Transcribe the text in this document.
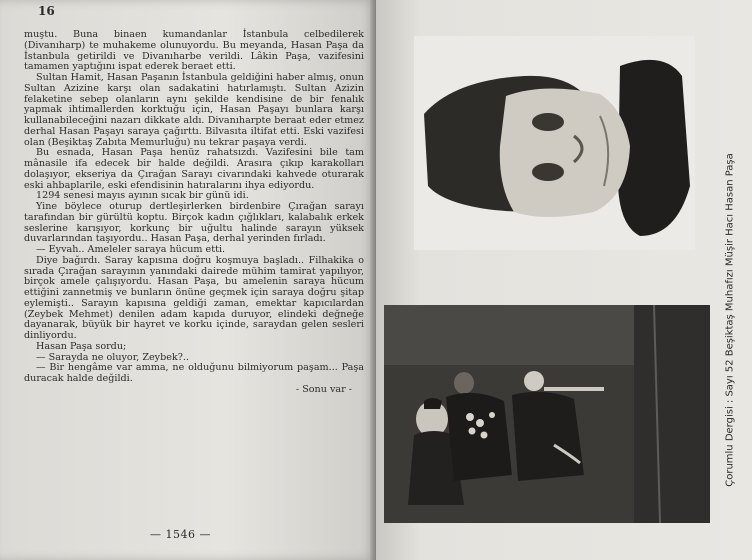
16

muştu. Buna binaen kumandanlar İstanbula celbedilerek (Divanıharp) te muhakeme olunuyordu. Bu meyanda, Hasan Paşa da İstanbula getirildi ve Divanıharbe verildi. Lâkin Paşa, vazifesini tamamen yaptığını ispat ederek beraet etti.

Sultan Hamit, Hasan Paşanın İstanbula geldiğini haber almış, onun Sultan Azizine karşı olan sadakatini hatırlamıştı. Sultan Azizin felaketine sebep olanların aynı şekilde kendisine de bir fenalık yapmak ihtimallerden korktuğu için, Hasan Paşayı bunlara karşı kullanabileceğini nazarı dikkate aldı. Divanıharpte beraat eder etmez derhal Hasan Paşayı saraya çağırttı. Bilvasıta iltifat etti. Eski vazifesi olan (Beşiktaş Zabıta Memurluğu) nu tekrar paşaya verdi.

Bu esnada, Hasan Paşa henüz rahatsızdı. Vazifesini bile tam mânasile ifa edecek bir halde değildi. Arasıra çıkıp karakolları dolaşıyor, ekseriya da Çırağan Sarayı civarındaki kahvede oturarak eski ahbaplarile, eski efendisinin hatıralarını ihya ediyordu.

1294 senesi mayıs ayının sıcak bir günü idi.

Yine böylece oturup dertleşirlerken birdenbire Çırağan sarayı tarafından bir gürültü koptu. Birçok kadın çığlıkları, kalabalık erkek seslerine karışıyor, korkunç bir uğultu halinde sarayın yüksek duvarlarından taşıyordu.. Hasan Paşa, derhal yerinden fırladı.

— Eyvah.. Ameleler saraya hücum etti.

Diye bağırdı. Saray kapısına doğru koşmuya başladı.. Filhakika o sırada Çırağan sarayının yanındaki dairede mühim tamirat yapılıyor, birçok amele çalışıyordu. Hasan Paşa, bu amelenin saraya hücum ettiğini zannetmiş ve bunların önüne geçmek için saraya doğru şitap eylemişti.. Sarayın kapısına geldiği zaman, emektar kapıcılardan (Zeybek Mehmet) denilen adam kapıda duruyor, elindeki değneğe dayanarak, büyük bir hayret ve korku içinde, saraydan gelen sesleri dinliyordu.

Hasan Paşa sordu;

— Sarayda ne oluyor, Zeybek?..

— Bir hengâme var amma, ne olduğunu bilmiyorum paşam... Paşa duracak halde değildi.

- Sonu var -

— 1546 —
Çorumlu Dergisi : Sayı 52 Beşiktaş Muhafızı Müşir Hacı Hasan Paşa
